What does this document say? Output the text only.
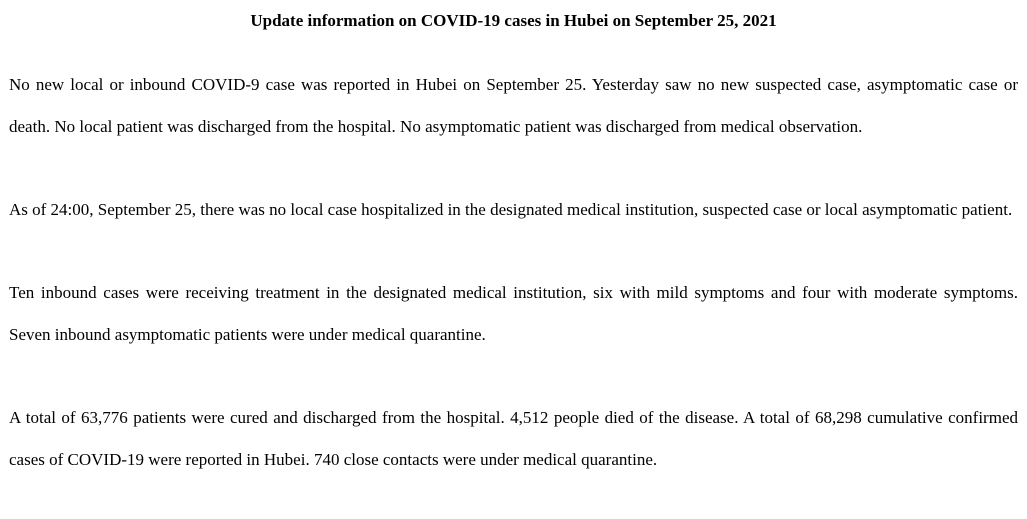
Update information on COVID-19 cases in Hubei on September 25, 2021

No new local or inbound COVID-9 case was reported in Hubei on September 25. Yesterday saw no new suspected case, asymptomatic case or death. No local patient was discharged from the hospital. No asymptomatic patient was discharged from medical observation.

As of 24:00, September 25, there was no local case hospitalized in the designated medical institution, suspected case or local asymptomatic patient.

Ten inbound cases were receiving treatment in the designated medical institution, six with mild symptoms and four with moderate symptoms. Seven inbound asymptomatic patients were under medical quarantine.

A total of 63,776 patients were cured and discharged from the hospital. 4,512 people died of the disease. A total of 68,298 cumulative confirmed cases of COVID-19 were reported in Hubei. 740 close contacts were under medical quarantine.
